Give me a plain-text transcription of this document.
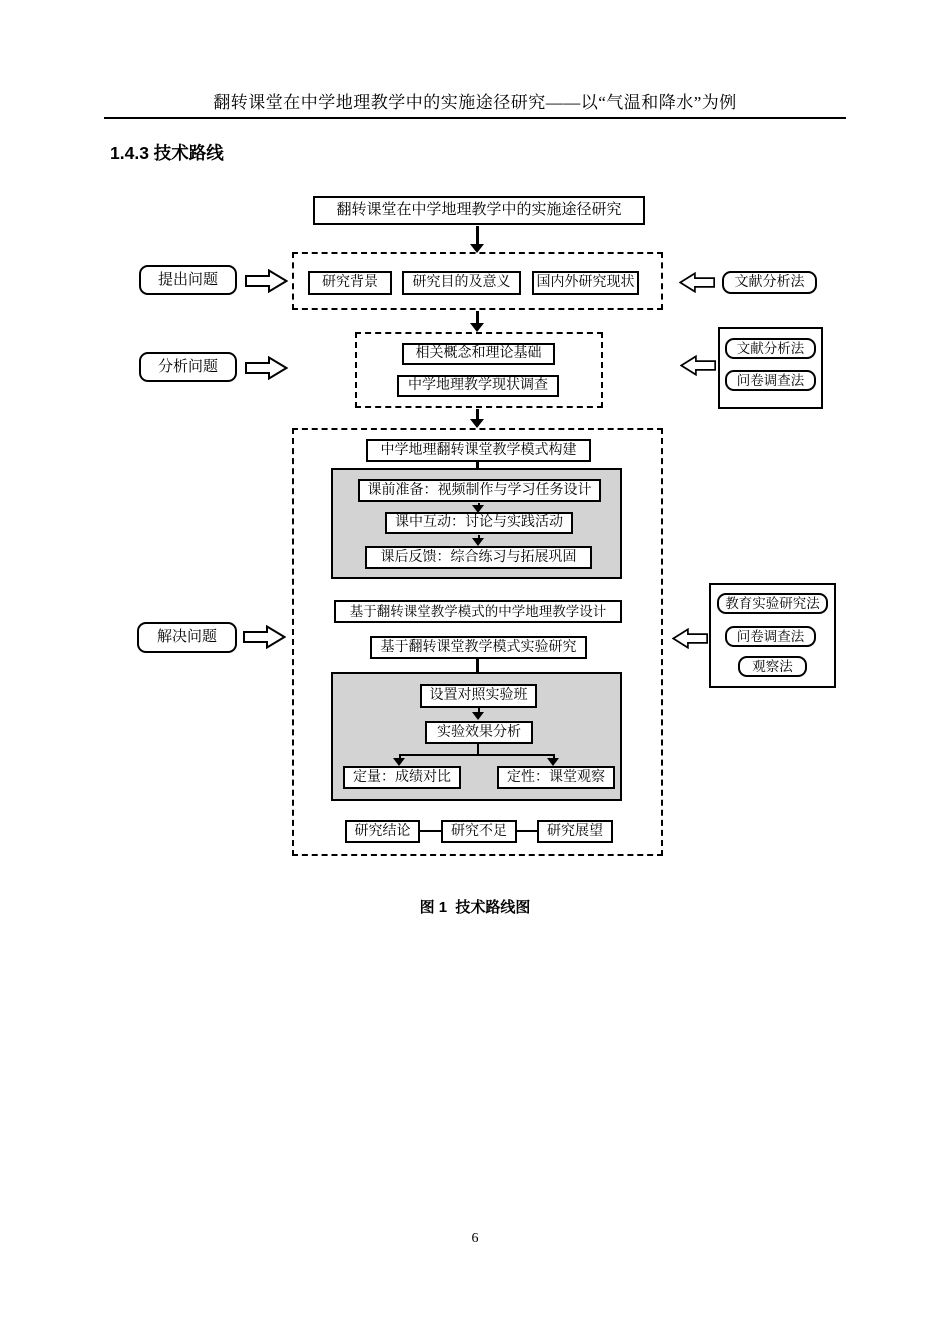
翻转课堂在中学地理教学中的实施途径研究——以“气温和降水”为例
1.4.3 技术路线
翻转课堂在中学地理教学中的实施途径研究
研究背景	研究目的及意义	国内外研究现状
提出问题	文献分析法
相关概念和理论基础
中学地理教学现状调查
分析问题
文献分析法
问卷调查法
中学地理翻转课堂教学模式构建
课前准备：视频制作与学习任务设计
课中互动：讨论与实践活动
课后反馈：综合练习与拓展巩固
基于翻转课堂教学模式的中学地理教学设计
基于翻转课堂教学模式实验研究
设置对照实验班
实验效果分析
定量：成绩对比	定性：课堂观察
研究结论	研究不足	研究展望
解决问题
教育实验研究法
问卷调查法
观察法
图 1  技术路线图
6
